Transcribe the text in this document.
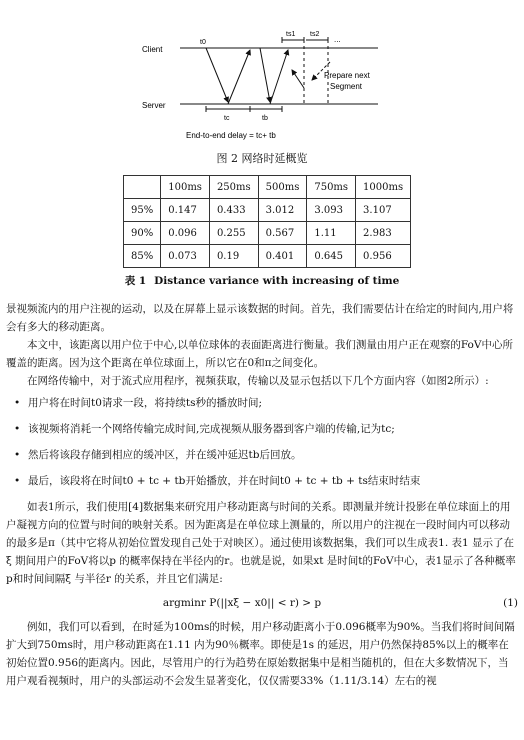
Client
Server
t0
ts1 ts2
...
tc	tb
Prepare next
Segment
End-to-end delay = tc+ tb
图 2 网络时延概览
	100ms	250ms	500ms	750ms	1000ms
95%	0.147	0.433	3.012	3.093	3.107
90%	0.096	0.255	0.567	1.11	2.983
85%	0.073	0.19	0.401	0.645	0.956
表 1 Distance variance with increasing of time

景视频流内的用户注视的运动，以及在屏幕上显示该数据的时间。首先，我们需要估计在给定的时间内,用户将会有多大的移动距离。

本文中，该距离以用户位于中心,以单位球体的表面距离进行衡量。我们测量由用户正在观察的FoV中心所覆盖的距离。因为这个距离在单位球面上，所以它在0和π之间变化。

在网络传输中，对于流式应用程序，视频获取，传输以及显示包括以下几个方面内容（如图2所示）:

• 用户将在时间t0请求一段，将持续ts秒的播放时间;
• 该视频将消耗一个网络传输完成时间,完成视频从服务器到客户端的传输,记为tc;
• 然后将该段存储到相应的缓冲区，并在缓冲延迟tb后回放。
• 最后，该段将在时间t0 + tc + tb开始播放，并在时间t0 + tc + tb + ts结束时结束

如表1所示，我们使用[4]数据集来研究用户移动距离与时间的关系。即测量并统计投影在单位球面上的用户凝视方向的位置与时间的映射关系。因为距离是在单位球上测量的，所以用户的注视在一段时间内可以移动的最多是π（其中它将从初始位置发现自己处于对映区）。通过使用该数据集，我们可以生成表1. 表1 显示了在ξ 期间用户的FoV将以p 的概率保持在半径内的r。也就是说，如果xt 是时间t的FoV中心，表1显示了各种概率p和时间间隔ξ 与半径r 的关系，并且它们满足:

argminr P(||xξ − x0|| < r) > p	(1)

例如，我们可以看到，在时延为100ms的时候，用户移动距离小于0.096概率为90%。当我们将时间间隔扩大到750ms时，用户移动距离在1.11 内为90％概率。即使是1s 的延迟，用户仍然保持85%以上的概率在初始位置0.956的距离内。因此，尽管用户的行为趋势在原始数据集中是相当随机的，但在大多数情况下，当用户观看视频时，用户的头部运动不会发生显著变化，仅仅需要33%（1.11/3.14）左右的视
